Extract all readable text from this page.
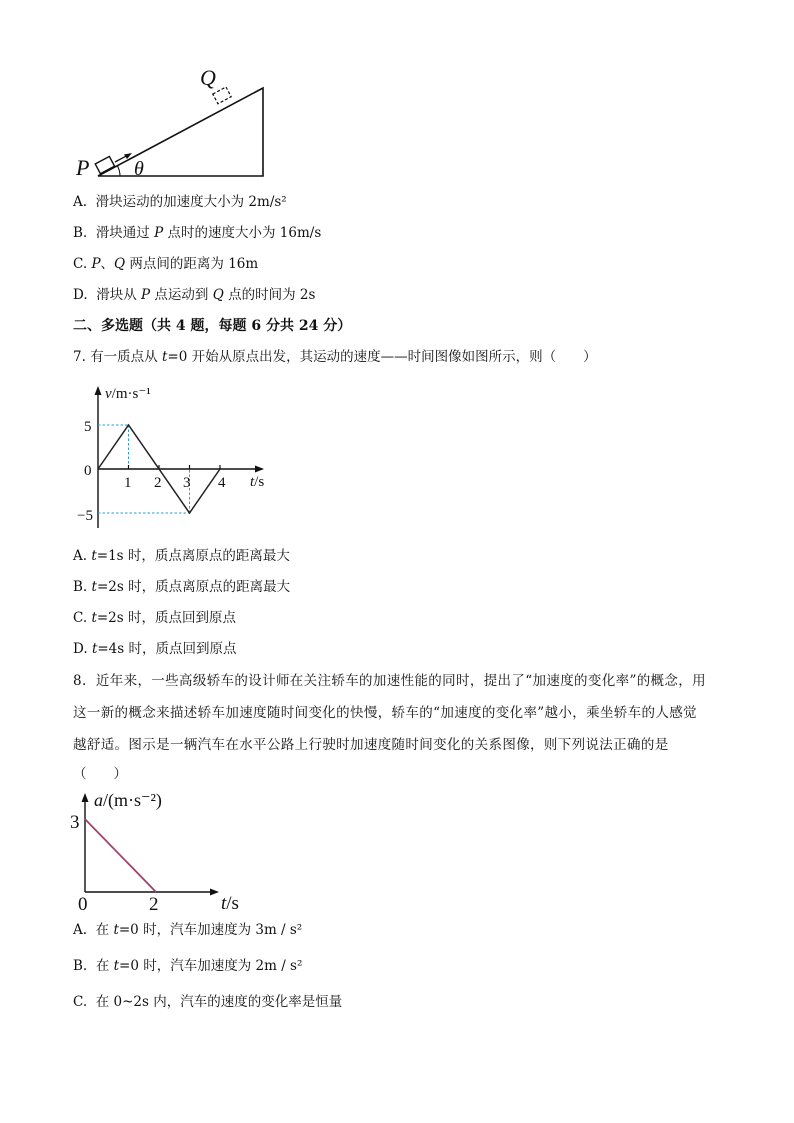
P
Q
θ
A. 滑块运动的加速度大小为 2m/s²
B. 滑块通过 P 点时的速度大小为 16m/s
C. P、Q 两点间的距离为 16m
D. 滑块从 P 点运动到 Q 点的时间为 2s
二、多选题（共 4 题，每题 6 分共 24 分）
7. 有一质点从 t=0 开始从原点出发，其运动的速度——时间图像如图所示，则（　　）
1 2 3 4
5
−5
0
v/m·s⁻¹
t/s
A. t=1s 时，质点离原点的距离最大
B. t=2s 时，质点离原点的距离最大
C. t=2s 时，质点回到原点
D. t=4s 时，质点回到原点
8. 近年来，一些高级轿车的设计师在关注轿车的加速性能的同时，提出了“加速度的变化率”的概念，用
这一新的概念来描述轿车加速度随时间变化的快慢，轿车的“加速度的变化率”越小，乘坐轿车的人感觉
越舒适。图示是一辆汽车在水平公路上行驶时加速度随时间变化的关系图像，则下列说法正确的是
（　　）
3
2
0
a/(m·s⁻²)
t/s
A. 在 t=0 时，汽车加速度为 3m / s²
B. 在 t=0 时，汽车加速度为 2m / s²
C. 在 0~2s 内，汽车的速度的变化率是恒量
